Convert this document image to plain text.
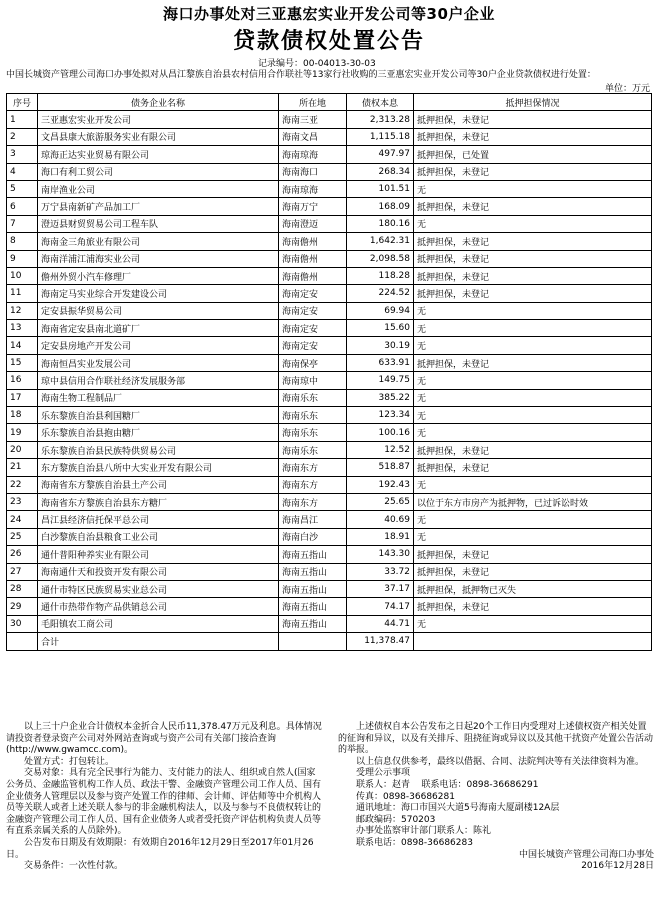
海口办事处对三亚惠宏实业开发公司等30户企业
贷款债权处置公告
记录编号：00-04013-30-03
中国长城资产管理公司海口办事处拟对从昌江黎族自治县农村信用合作联社等13家行社收购的三亚惠宏实业开发公司等30户企业贷款债权进行处置：
单位：万元
序号	债务企业名称	所在地	债权本息	抵押担保情况
1	三亚惠宏实业开发公司	海南三亚	2,313.28	抵押担保，未登记
2	文昌县康大旅游服务实业有限公司	海南文昌	1,115.18	抵押担保，未登记
3	琼海正达实业贸易有限公司	海南琼海	497.97	抵押担保，已处置
4	海口有利工贸公司	海南海口	268.34	抵押担保，未登记
5	南岸渔业公司	海南琼海	101.51	无
6	万宁县南新矿产品加工厂	海南万宁	168.09	抵押担保，未登记
7	澄迈县财贸贸易公司工程车队	海南澄迈	180.16	无
8	海南金三角旅业有限公司	海南儋州	1,642.31	抵押担保，未登记
9	海南洋浦江浦海实业公司	海南儋州	2,098.58	抵押担保，未登记
10	儋州外贸小汽车修理厂	海南儋州	118.28	抵押担保，未登记
11	海南定马实业综合开发建设公司	海南定安	224.52	抵押担保，未登记
12	定安县振华贸易公司	海南定安	69.94	无
13	海南省定安县南北道矿厂	海南定安	15.60	无
14	定安县房地产开发公司	海南定安	30.19	无
15	海南恒昌实业发展公司	海南保亭	633.91	抵押担保，未登记
16	琼中县信用合作联社经济发展服务部	海南琼中	149.75	无
17	海南生物工程制品厂	海南乐东	385.22	无
18	乐东黎族自治县利国糖厂	海南乐东	123.34	无
19	乐东黎族自治县抱由糖厂	海南乐东	100.16	无
20	乐东黎族自治县民族特供贸易公司	海南乐东	12.52	抵押担保，未登记
21	东方黎族自治县八所中大实业开发有限公司	海南东方	518.87	抵押担保，未登记
22	海南省东方黎族自治县土产公司	海南东方	192.43	无
23	海南省东方黎族自治县东方糖厂	海南东方	25.65	以位于东方市房产为抵押物，已过诉讼时效
24	昌江县经济信托保平总公司	海南昌江	40.69	无
25	白沙黎族自治县粮食工业公司	海南白沙	18.91	无
26	通什普阳种养实业有限公司	海南五指山	143.30	抵押担保，未登记
27	海南通什天和投资开发有限公司	海南五指山	33.72	抵押担保，未登记
28	通什市特区民族贸易实业总公司	海南五指山	37.17	抵押担保，抵押物已灭失
29	通什市热带作物产品供销总公司	海南五指山	74.17	抵押担保，未登记
30	毛阳镇农工商公司	海南五指山	44.71	无
	合计		11,378.47	

以上三十户企业合计债权本金折合人民币11,378.47万元及利息。具体情况请投资者登录资产公司对外网站查询或与资产公司有关部门接洽查询(http://www.gwamcc.com)。

处置方式：打包转让。

交易对象：具有完全民事行为能力、支付能力的法人、组织或自然人(国家公务员、金融监管机构工作人员、政法干警、金融资产管理公司工作人员、国有企业债务人管理层以及参与资产处置工作的律师、会计师、评估师等中介机构人员等关联人或者上述关联人参与的非金融机构法人，以及与参与不良债权转让的金融资产管理公司工作人员、国有企业债务人或者受托资产评估机构负责人员等有直系亲属关系的人员除外)。

公告发布日期及有效期限：有效期自2016年12月29日至2017年01月26日。

交易条件：一次性付款。

上述债权自本公告发布之日起20个工作日内受理对上述债权资产相关处置的征询和异议，以及有关排斥、阻挠征询或异议以及其他干扰资产处置公告活动的举报。

以上信息仅供参考，最终以借据、合同、法院判决等有关法律资料为准。

受理公示事项

联系人：赵青 联系电话：0898-36686291

传真：0898-36686281

通讯地址：海口市国兴大道5号海南大厦副楼12A层

邮政编码：570203

办事处监察审计部门联系人：陈礼

联系电话：0898-36686283

中国长城资产管理公司海口办事处

2016年12月28日
